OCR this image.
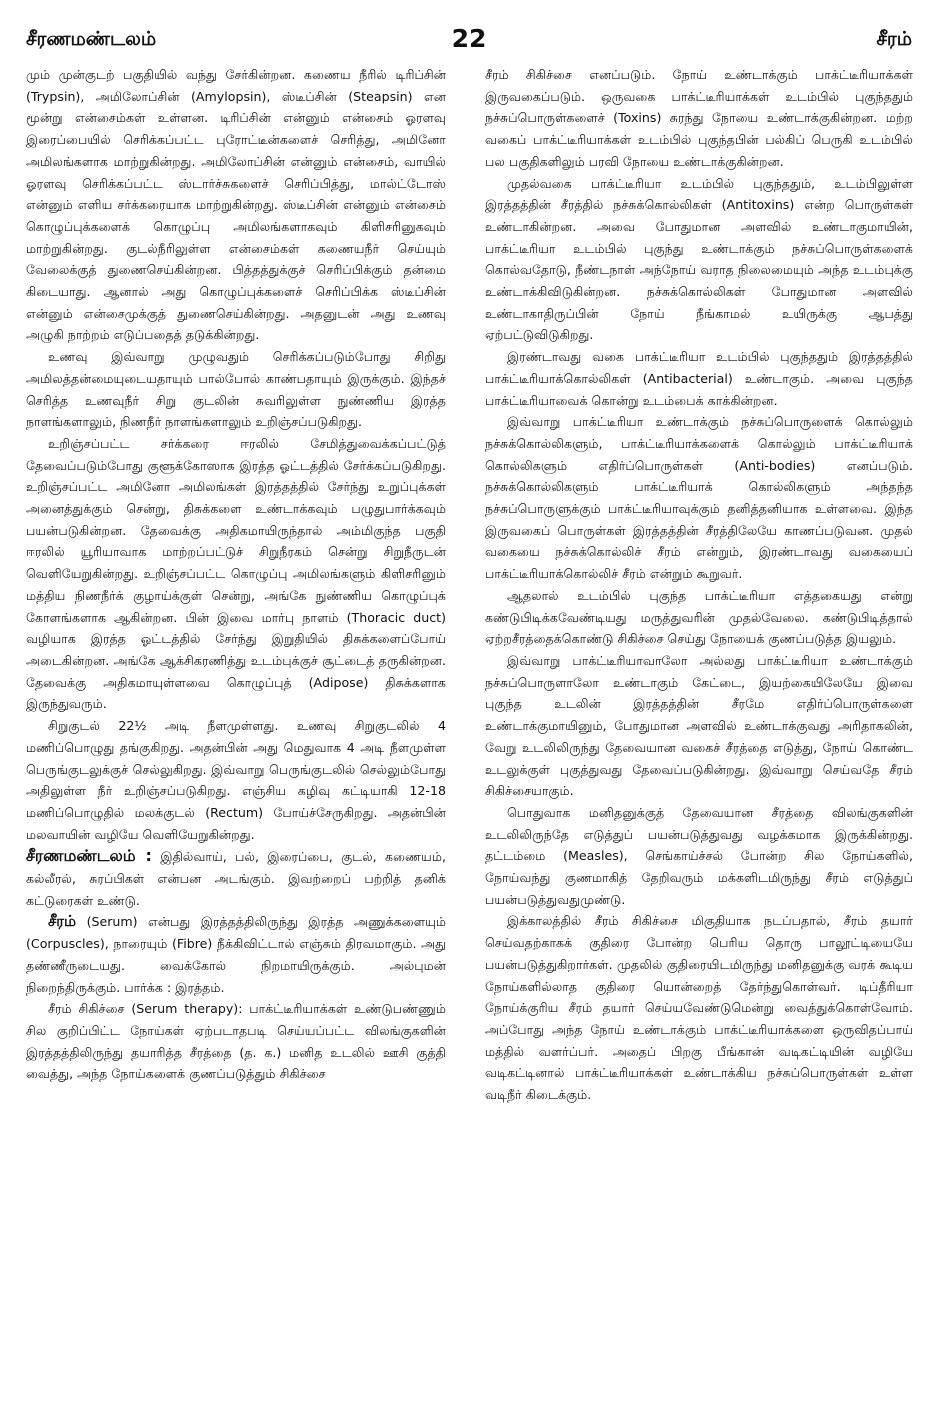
சீரணமண்டலம்	22	சீரம்

மும் முன்குடற் பகுதியில் வந்து சேர்கின்றன. கணைய நீரில் டிரிப்சின் (Trypsin), அமிலோப்சின் (Amylopsin), ஸ்டீப்சின் (Steapsin) என மூன்று என்சைம்கள் உள்ளன. டிரிப்சின் என்னும் என்சைம் ஓரளவு இரைப்பையில் செரிக்கப்பட்ட புரோட்டீன்களைச் செரித்து, அமினோ அமிலங்களாக மாற்றுகின்றது. அமிலோப்சின் என்னும் என்சைம், வாயில் ஓரளவு செரிக்கப்பட்ட ஸ்டார்ச்சுகளைச் செரிப்பித்து, மால்ட்டோஸ் என்னும் எளிய சர்க்கரையாக மாற்றுகின்றது. ஸ்டீப்சின் என்னும் என்சைம் கொழுப்புக்களைக் கொழுப்பு அமிலங்களாகவும் கிளிசரினுகவும் மாற்றுகின்றது. குடல்நீரிலுள்ள என்சைம்கள் கணையநீர் செய்யும் வேலைக்குத் துணைசெய்கின்றன. பித்தத்துக்குச் செரிப்பிக்கும் தன்மை கிடையாது. ஆனால் அது கொழுப்புக்களைச் செரிப்பிக்க ஸ்டீப்சின் என்னும் என்சைமுக்குத் துணைசெய்கின்றது. அதனுடன் அது உணவு அழுகி நாற்றம் எடுப்பதைத் தடுக்கின்றது.

உணவு இவ்வாறு முழுவதும் செரிக்கப்படும்போது சிறிது அமிலத்தன்மையுடையதாயும் பால்போல் காண்பதாயும் இருக்கும். இந்தச் செரித்த உணவுநீர் சிறு குடலின் சுவரிலுள்ள நுண்ணிய இரத்த நாளங்களாலும், நிணநீர் நாளங்களாலும் உறிஞ்சப்படுகிறது.

உறிஞ்சப்பட்ட சர்க்கரை ஈரலில் சேமித்துவைக்கப்பட்டுத் தேவைப்படும்போது குளூக்கோஸாக இரத்த ஓட்டத்தில் சேர்க்கப்படுகிறது. உறிஞ்சப்பட்ட அமினோ அமிலங்கள் இரத்தத்தில் சேர்ந்து உறுப்புக்கள் அனைத்துக்கும் சென்று, திசுக்களை உண்டாக்கவும் பழுதுபார்க்கவும் பயன்படுகின்றன. தேவைக்கு அதிகமாயிருந்தால் அம்மிகுந்த பகுதி ஈரலில் யூரியாவாக மாற்றப்பட்டுச் சிறுநீரகம் சென்று சிறுநீருடன் வெளியேறுகின்றது. உறிஞ்சப்பட்ட கொழுப்பு அமிலங்களும் கிளிசரினும் மத்திய நிணநீர்க் குழாய்க்குள் சென்று, அங்கே நுண்ணிய கொழுப்புக் கோளங்களாக ஆகின்றன. பின் இவை மார்பு நாளம் (Thoracic duct) வழியாக இரத்த ஓட்டத்தில் சேர்ந்து இறுதியில் திசுக்களைப்போய் அடைகின்றன. அங்கே ஆக்சிகரணித்து உடம்புக்குச் சூட்டைத் தருகின்றன. தேவைக்கு அதிகமாயுள்ளவை கொழுப்புத் (Adipose) திசுக்களாக இருந்துவரும்.

சிறுகுடல் 22½ அடி நீளமுள்ளது. உணவு சிறுகுடலில் 4 மணிப்பொழுது தங்குகிறது. அதன்பின் அது மெதுவாக 4 அடி நீளமுள்ள பெருங்குடலுக்குச் செல்லுகிறது. இவ்வாறு பெருங்குடலில் செல்லும்போது அதிலுள்ள நீர் உறிஞ்சப்படுகிறது. எஞ்சிய கழிவு கட்டியாகி 12-18 மணிப்பொழுதில் மலக்குடல் (Rectum) போய்ச்சேருகிறது. அதன்பின் மலவாயின் வழியே வெளியேறுகின்றது.

சீரணமண்டலம் : இதில்வாய், பல், இரைப்பை, குடல், கணையம், கல்லீரல், சுரப்பிகள் என்பன அடங்கும். இவற்றைப் பற்றித் தனிக் கட்டுரைகள் உண்டு.

சீரம் (Serum) என்பது இரத்தத்திலிருந்து இரத்த அணுக்களையும் (Corpuscles), நாரையும் (Fibre) நீக்கிவிட்டால் எஞ்சும் திரவமாகும். அது தண்ணீருடையது. வைக்கோல் நிறமாயிருக்கும். அல்புமன் நிறைந்திருக்கும். பார்க்க : இரத்தம்.

சீரம் சிகிச்சை (Serum therapy): பாக்ட்டீரியாக்கள் உண்டுபண்ணும் சில குறிப்பிட்ட நோய்கள் ஏற்படாதபடி செய்யப்பட்ட விலங்குகளின் இரத்தத்திலிருந்து தயாரித்த சீரத்தை (த. க.) மனித உடலில் ஊசி குத்தி வைத்து, அந்த நோய்களைக் குணப்படுத்தும் சிகிச்சை

சீரம் சிகிச்சை எனப்படும். நோய் உண்டாக்கும் பாக்ட்டீரியாக்கள் இருவகைப்படும். ஒருவகை பாக்ட்டீரியாக்கள் உடம்பில் புகுந்ததும் நச்சுப்பொருள்களைச் (Toxins) சுரந்து நோயை உண்டாக்குகின்றன. மற்ற வகைப் பாக்ட்டீரியாக்கள் உடம்பில் புகுந்தபின் பல்கிப் பெருகி உடம்பில் பல பகுதிகளிலும் பரவி நோயை உண்டாக்குகின்றன.

முதல்வகை பாக்ட்டீரியா உடம்பில் புகுந்ததும், உடம்பிலுள்ள இரத்தத்தின் சீரத்தில் நச்சுக்கொல்லிகள் (Antitoxins) என்ற பொருள்கள் உண்டாகின்றன. அவை போதுமான அளவில் உண்டாகுமாயின், பாக்ட்டீரியா உடம்பில் புகுந்து உண்டாக்கும் நச்சுப்பொருள்களைக் கொல்வதோடு, நீண்டநாள் அந்நோய் வராத நிலைமையும் அந்த உடம்புக்கு உண்டாக்கிவிடுகின்றன. நச்சுக்கொல்லிகள் போதுமான அளவில் உண்டாகாதிருப்பின் நோய் நீங்காமல் உயிருக்கு ஆபத்து ஏற்பட்டுவிடுகிறது.

இரண்டாவது வகை பாக்ட்டீரியா உடம்பில் புகுந்ததும் இரத்தத்தில் பாக்ட்டீரியாக்கொல்லிகள் (Antibacterial) உண்டாகும். அவை புகுந்த பாக்ட்டீரியாவைக் கொன்று உடம்பைக் காக்கின்றன.

இவ்வாறு பாக்ட்டீரியா உண்டாக்கும் நச்சுப்பொருளைக் கொல்லும் நச்சுக்கொல்லிகளும், பாக்ட்டீரியாக்களைக் கொல்லும் பாக்ட்டீரியாக் கொல்லிகளும் எதிர்ப்பொருள்கள் (Anti-bodies) எனப்படும். நச்சுக்கொல்லிகளும் பாக்ட்டீரியாக் கொல்லிகளும் அந்தந்த நச்சுப்பொருளுக்கும் பாக்ட்டீரியாவுக்கும் தனித்தனியாக உள்ளவை. இந்த இருவகைப் பொருள்கள் இரத்தத்தின் சீரத்திலேயே காணப்படுவன. முதல் வகையை நச்சுக்கொல்லிச் சீரம் என்றும், இரண்டாவது வகையைப் பாக்ட்டீரியாக்கொல்லிச் சீரம் என்றும் கூறுவர்.

ஆதலால் உடம்பில் புகுந்த பாக்ட்டீரியா எத்தகையது என்று கண்டுபிடிக்கவேண்டியது மருத்துவரின் முதல்வேலை. கண்டுபிடித்தால் ஏற்றசீரத்தைக்கொண்டு சிகிச்சை செய்து நோயைக் குணப்படுத்த இயலும்.

இவ்வாறு பாக்ட்டீரியாவாலோ அல்லது பாக்ட்டீரியா உண்டாக்கும் நச்சுப்பொருளாலோ உண்டாகும் கேட்டை, இயற்கையிலேயே இவை புகுந்த உடலின் இரத்தத்தின் சீரமே எதிர்ப்பொருள்களை உண்டாக்குமாயினும், போதுமான அளவில் உண்டாக்குவது அரிதாகலின், வேறு உடலிலிருந்து தேவையான வகைச் சீரத்தை எடுத்து, நோய் கொண்ட உடலுக்குள் புகுத்துவது தேவைப்படுகின்றது. இவ்வாறு செய்வதே சீரம் சிகிச்சையாகும்.

பொதுவாக மனிதனுக்குத் தேவையான சீரத்தை விலங்குகளின் உடலிலிருந்தே எடுத்துப் பயன்படுத்துவது வழக்கமாக இருக்கின்றது. தட்டம்மை (Measles), செங்காய்ச்சல் போன்ற சில நோய்களில், நோய்வந்து குணமாகித் தேறிவரும் மக்களிடமிருந்து சீரம் எடுத்துப் பயன்படுத்துவதுமுண்டு.

இக்காலத்தில் சீரம் சிகிச்சை மிகுதியாக நடப்பதால், சீரம் தயார் செய்வதற்காகக் குதிரை போன்ற பெரிய தொரு பாலூட்டியையே பயன்படுத்துகிறார்கள். முதலில் குதிரையிடமிருந்து மனிதனுக்கு வரக் கூடிய நோய்களில்லாத குதிரை யொன்றைத் தேர்ந்துகொள்வர். டிப்தீரியா நோய்க்குரிய சீரம் தயார் செய்யவேண்டுமென்று வைத்துக்கொள்வோம். அப்போது அந்த நோய் உண்டாக்கும் பாக்ட்டீரியாக்களை ஒருவிதப்பாய் மத்தில் வளர்ப்பர். அதைப் பிறகு பீங்கான் வடிகட்டியின் வழியே வடிகட்டினால் பாக்ட்டீரியாக்கள் உண்டாக்கிய நச்சுப்பொருள்கள் உள்ள வடிநீர் கிடைக்கும்.
